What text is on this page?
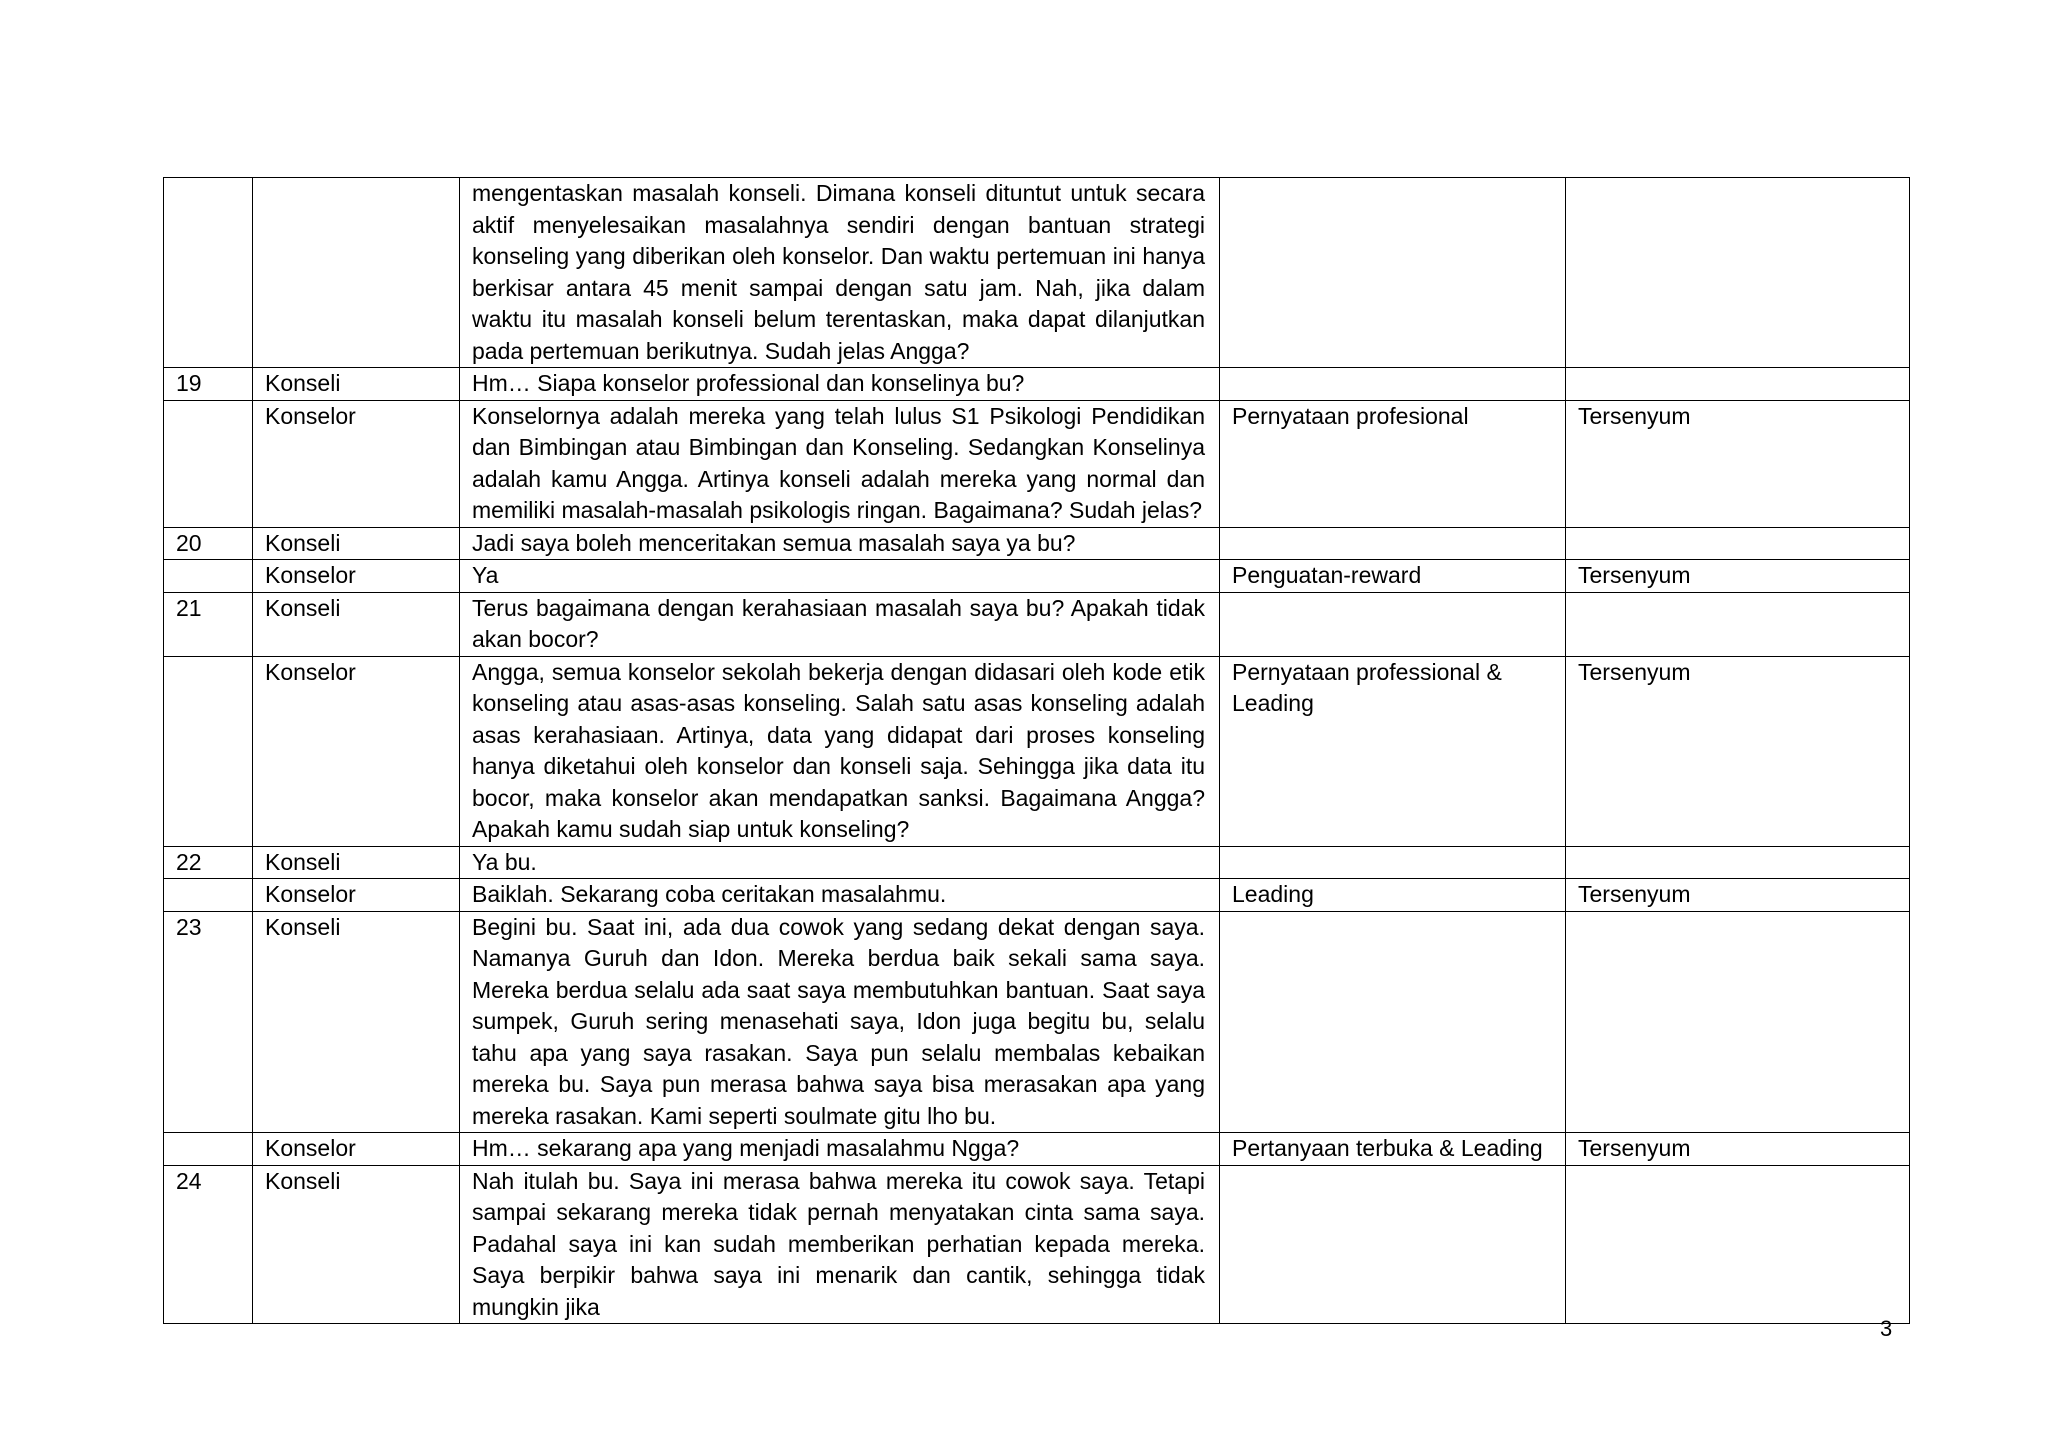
		mengentaskan masalah konseli. Dimana konseli dituntut untuk secara aktif menyelesaikan masalahnya sendiri dengan bantuan strategi konseling yang diberikan oleh konselor. Dan waktu pertemuan ini hanya berkisar antara 45 menit sampai dengan satu jam. Nah, jika dalam waktu itu masalah konseli belum terentaskan, maka dapat dilanjutkan pada pertemuan berikutnya. Sudah jelas Angga?		
19	Konseli	Hm… Siapa konselor professional dan konselinya bu?		
	Konselor	Konselornya adalah mereka yang telah lulus S1 Psikologi Pendidikan dan Bimbingan atau Bimbingan dan Konseling. Sedangkan Konselinya adalah kamu Angga. Artinya konseli adalah mereka yang normal dan memiliki masalah-masalah psikologis ringan. Bagaimana? Sudah jelas?	Pernyataan profesional	Tersenyum
20	Konseli	Jadi saya boleh menceritakan semua masalah saya ya bu?		
	Konselor	Ya	Penguatan-reward	Tersenyum
21	Konseli	Terus bagaimana dengan kerahasiaan masalah saya bu? Apakah tidak akan bocor?		
	Konselor	Angga, semua konselor sekolah bekerja dengan didasari oleh kode etik konseling atau asas-asas konseling. Salah satu asas konseling adalah asas kerahasiaan. Artinya, data yang didapat dari proses konseling hanya diketahui oleh konselor dan konseli saja. Sehingga jika data itu bocor, maka konselor akan mendapatkan sanksi. Bagaimana Angga? Apakah kamu sudah siap untuk konseling?	Pernyataan professional & Leading	Tersenyum
22	Konseli	Ya bu.		
	Konselor	Baiklah. Sekarang coba ceritakan masalahmu.	Leading	Tersenyum
23	Konseli	Begini bu. Saat ini, ada dua cowok yang sedang dekat dengan saya. Namanya Guruh dan Idon. Mereka berdua baik sekali sama saya. Mereka berdua selalu ada saat saya membutuhkan bantuan. Saat saya sumpek, Guruh sering menasehati saya, Idon juga begitu bu, selalu tahu apa yang saya rasakan. Saya pun selalu membalas kebaikan mereka bu. Saya pun merasa bahwa saya bisa merasakan apa yang mereka rasakan. Kami seperti soulmate gitu lho bu.		
	Konselor	Hm… sekarang apa yang menjadi masalahmu Ngga?	Pertanyaan terbuka & Leading	Tersenyum
24	Konseli	Nah itulah bu. Saya ini merasa bahwa mereka itu cowok saya. Tetapi sampai sekarang mereka tidak pernah menyatakan cinta sama saya. Padahal saya ini kan sudah memberikan perhatian kepada mereka. Saya berpikir bahwa saya ini menarik dan cantik, sehingga tidak mungkin jika		
3
